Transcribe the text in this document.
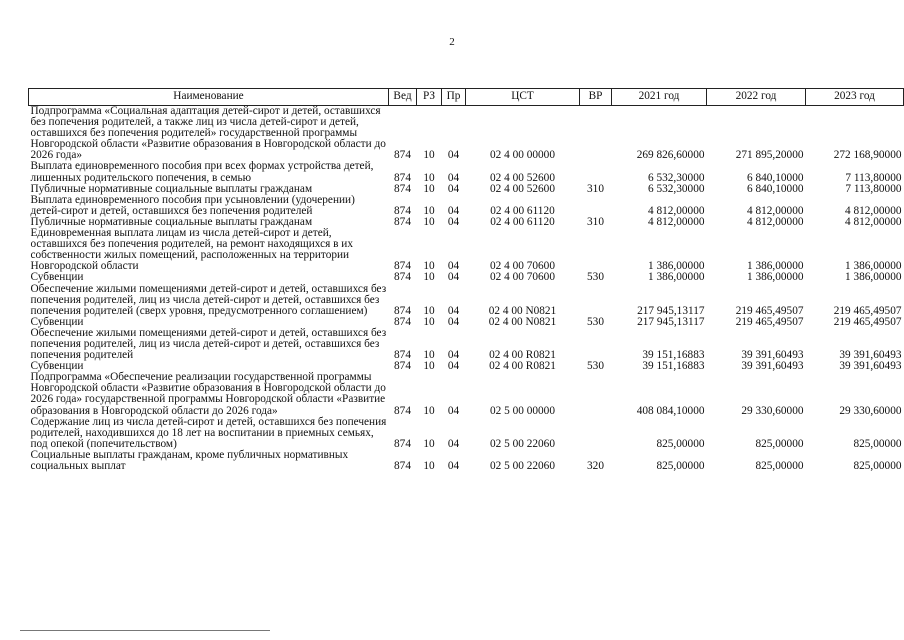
2
Наименование	Вед	РЗ	Пр	ЦСТ	ВР	2021 год	2022 год	2023 год
Подпрограмма «Социальная адаптация детей-сирот и детей, оставшихся без попечения родителей, а также лиц из числа детей-сирот и детей, оставшихся без попечения родителей» государственной программы Новгородской области «Развитие образования в Новгородской области до 2026 года»	874	10	04	02 4 00 00000		269 826,60000	271 895,20000	272 168,90000
Выплата единовременного пособия при всех формах устройства детей, лишенных родительского попечения, в семью	874	10	04	02 4 00 52600		6 532,30000	6 840,10000	7 113,80000
Публичные нормативные социальные выплаты гражданам	874	10	04	02 4 00 52600	310	6 532,30000	6 840,10000	7 113,80000
Выплата единовременного пособия при усыновлении (удочерении) детей-сирот и детей, оставшихся без попечения родителей	874	10	04	02 4 00 61120		4 812,00000	4 812,00000	4 812,00000
Публичные нормативные социальные выплаты гражданам	874	10	04	02 4 00 61120	310	4 812,00000	4 812,00000	4 812,00000
Единовременная выплата лицам из числа детей-сирот и детей, оставшихся без попечения родителей, на ремонт находящихся в их собственности жилых помещений, расположенных на территории Новгородской области	874	10	04	02 4 00 70600		1 386,00000	1 386,00000	1 386,00000
Субвенции	874	10	04	02 4 00 70600	530	1 386,00000	1 386,00000	1 386,00000
Обеспечение жилыми помещениями детей-сирот и детей, оставшихся без попечения родителей, лиц из числа детей-сирот и детей, оставшихся без попечения родителей (сверх уровня, предусмотренного соглашением)	874	10	04	02 4 00 N0821		217 945,13117	219 465,49507	219 465,49507
Субвенции	874	10	04	02 4 00 N0821	530	217 945,13117	219 465,49507	219 465,49507
Обеспечение жилыми помещениями детей-сирот и детей, оставшихся без попечения родителей, лиц из числа детей-сирот и детей, оставшихся без попечения родителей	874	10	04	02 4 00 R0821		39 151,16883	39 391,60493	39 391,60493
Субвенции	874	10	04	02 4 00 R0821	530	39 151,16883	39 391,60493	39 391,60493
Подпрограмма «Обеспечение реализации государственной программы Новгородской области «Развитие образования в Новгородской области до 2026 года» государственной программы Новгородской области «Развитие образования в Новгородской области до 2026 года»	874	10	04	02 5 00 00000		408 084,10000	29 330,60000	29 330,60000
Содержание лиц из числа детей-сирот и детей, оставшихся без попечения родителей, находившихся до 18 лет на воспитании в приемных семьях, под опекой (попечительством)	874	10	04	02 5 00 22060		825,00000	825,00000	825,00000
Социальные выплаты гражданам, кроме публичных нормативных социальных выплат	874	10	04	02 5 00 22060	320	825,00000	825,00000	825,00000
